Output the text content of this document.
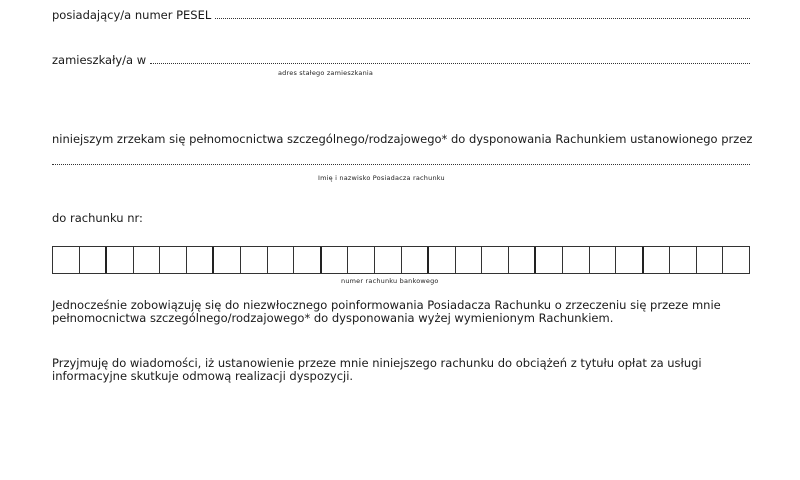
posiadający/a numer PESEL
zamieszkały/a w
adres stałego zamieszkania
niniejszym zrzekam się pełnomocnictwa szczególnego/rodzajowego* do dysponowania Rachunkiem ustanowionego przez
Imię i nazwisko Posiadacza rachunku
do rachunku nr:
numer rachunku bankowego
Jednocześnie zobowiązuję się do niezwłocznego poinformowania Posiadacza Rachunku o zrzeczeniu się przeze mnie
pełnomocnictwa szczególnego/rodzajowego* do dysponowania wyżej wymienionym Rachunkiem.
Przyjmuję do wiadomości, iż ustanowienie przeze mnie niniejszego rachunku do obciążeń z tytułu opłat za usługi
informacyjne skutkuje odmową realizacji dyspozycji.
